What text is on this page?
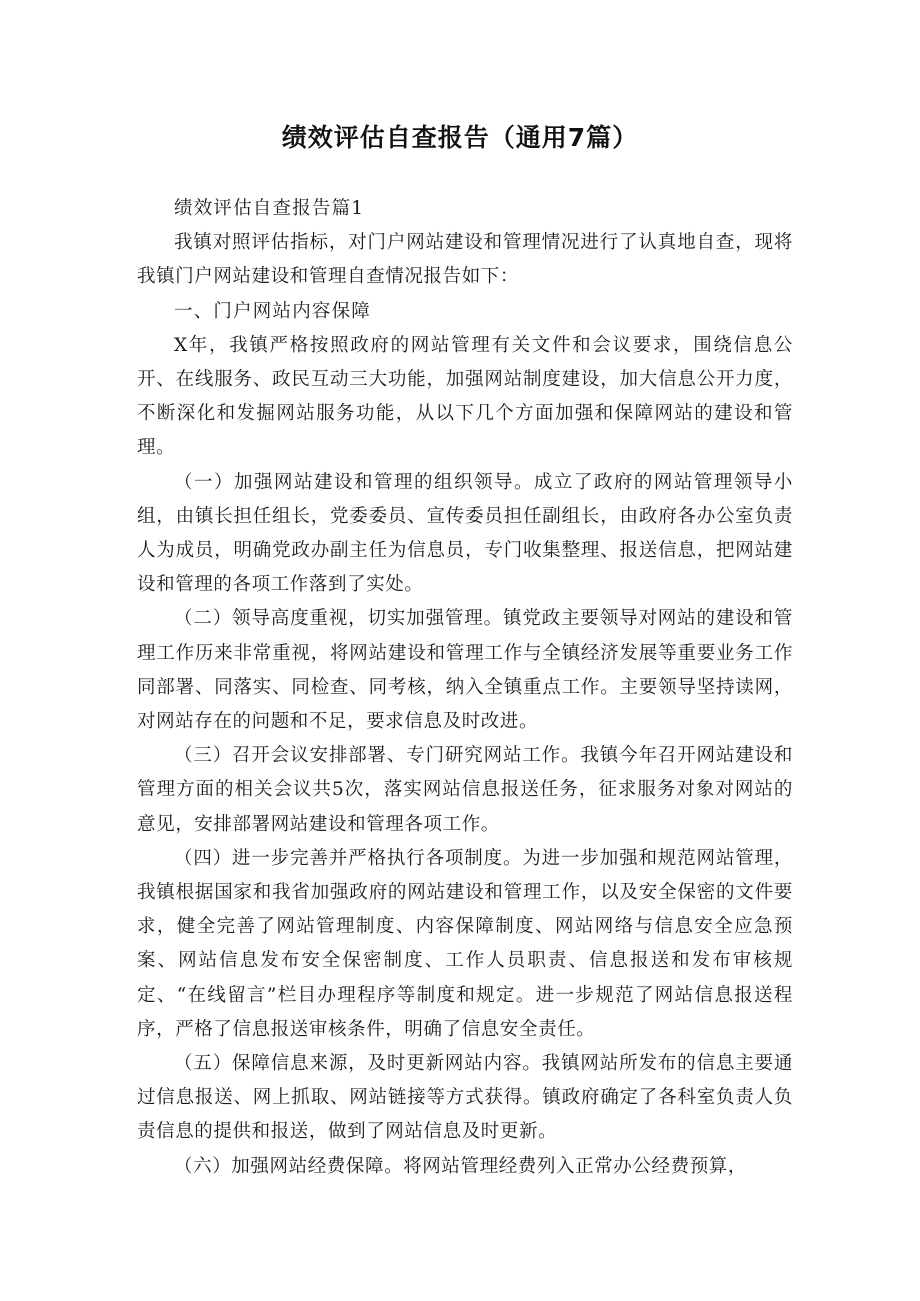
绩效评估自查报告（通用7篇）

绩效评估自查报告篇1

我镇对照评估指标，对门户网站建设和管理情况进行了认真地自查，现将我镇门户网站建设和管理自查情况报告如下：

一、门户网站内容保障

X年，我镇严格按照政府的网站管理有关文件和会议要求，围绕信息公开、在线服务、政民互动三大功能，加强网站制度建设，加大信息公开力度，不断深化和发掘网站服务功能，从以下几个方面加强和保障网站的建设和管理。

（一）加强网站建设和管理的组织领导。成立了政府的网站管理领导小组，由镇长担任组长，党委委员、宣传委员担任副组长，由政府各办公室负责人为成员，明确党政办副主任为信息员，专门收集整理、报送信息，把网站建设和管理的各项工作落到了实处。

（二）领导高度重视，切实加强管理。镇党政主要领导对网站的建设和管理工作历来非常重视，将网站建设和管理工作与全镇经济发展等重要业务工作同部署、同落实、同检查、同考核，纳入全镇重点工作。主要领导坚持读网，对网站存在的问题和不足，要求信息及时改进。

（三）召开会议安排部署、专门研究网站工作。我镇今年召开网站建设和管理方面的相关会议共5次，落实网站信息报送任务，征求服务对象对网站的意见，安排部署网站建设和管理各项工作。

（四）进一步完善并严格执行各项制度。为进一步加强和规范网站管理，我镇根据国家和我省加强政府的网站建设和管理工作，以及安全保密的文件要求，健全完善了网站管理制度、内容保障制度、网站网络与信息安全应急预案、网站信息发布安全保密制度、工作人员职责、信息报送和发布审核规定、“在线留言”栏目办理程序等制度和规定。进一步规范了网站信息报送程序，严格了信息报送审核条件，明确了信息安全责任。

（五）保障信息来源，及时更新网站内容。我镇网站所发布的信息主要通过信息报送、网上抓取、网站链接等方式获得。镇政府确定了各科室负责人负责信息的提供和报送，做到了网站信息及时更新。

（六）加强网站经费保障。将网站管理经费列入正常办公经费预算，
